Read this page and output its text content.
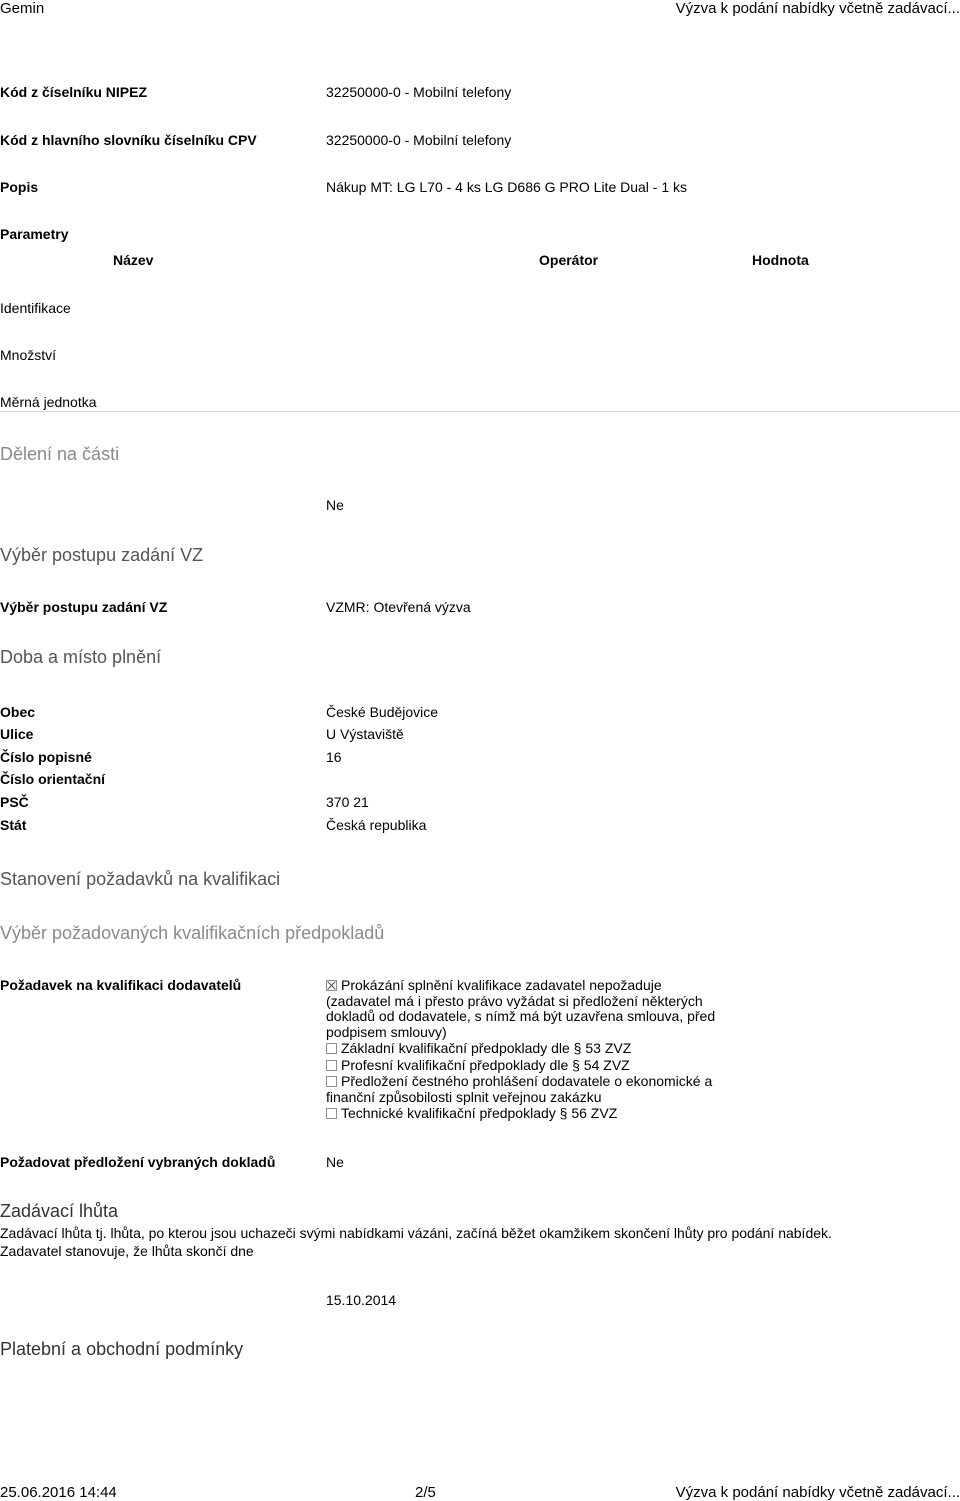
Gemin	Výzva k podání nabídky včetně zadávací...
Kód z číselníku NIPEZ	32250000-0 - Mobilní telefony
Kód z hlavního slovníku číselníku CPV	32250000-0 - Mobilní telefony
Popis	Nákup MT: LG L70 - 4 ks LG D686 G PRO Lite Dual - 1 ks
Parametry
Název	Operátor	Hodnota
Identifikace
Množství
Měrná jednotka
Dělení na části
Ne
Výběr postupu zadání VZ
Výběr postupu zadání VZ	VZMR: Otevřená výzva
Doba a místo plnění
Obec	České Budějovice
Ulice	U Výstaviště
Číslo popisné	16
Číslo orientační
PSČ	370 21
Stát	Česká republika
Stanovení požadavků na kvalifikaci
Výběr požadovaných kvalifikačních předpokladů
Požadavek na kvalifikaci dodavatelů	Prokázání splnění kvalifikace zadavatel nepožaduje
(zadavatel má i přesto právo vyžádat si předložení některých
dokladů od dodavatele, s nímž má být uzavřena smlouva, před
podpisem smlouvy)
Základní kvalifikační předpoklady dle § 53 ZVZ
Profesní kvalifikační předpoklady dle § 54 ZVZ
Předložení čestného prohlášení dodavatele o ekonomické a
finanční způsobilosti splnit veřejnou zakázku
Technické kvalifikační předpoklady § 56 ZVZ
Požadovat předložení vybraných dokladů	Ne
Zadávací lhůta
Zadávací lhůta tj. lhůta, po kterou jsou uchazeči svými nabídkami vázáni, začíná běžet okamžikem skončení lhůty pro podání nabídek.
Zadavatel stanovuje, že lhůta skončí dne
15.10.2014
Platební a obchodní podmínky
25.06.2016 14:44	2/5	Výzva k podání nabídky včetně zadávací...
